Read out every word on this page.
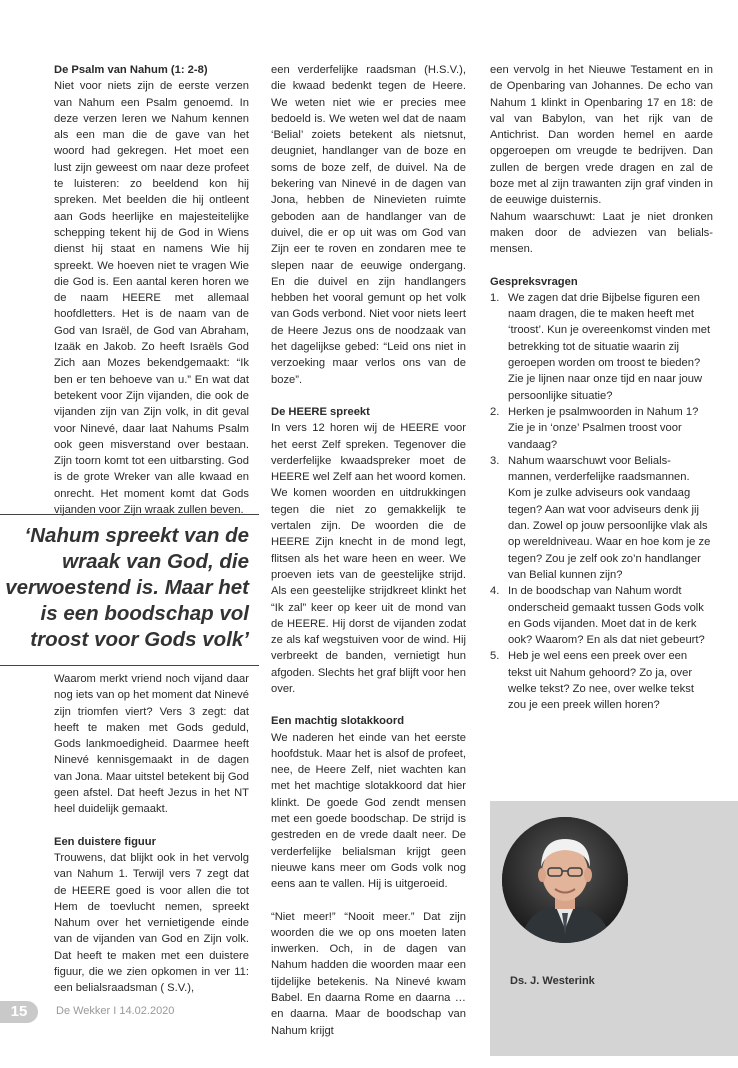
De Psalm van Nahum (1: 2-8)

Niet voor niets zijn de eerste verzen van Nahum een Psalm genoemd. In deze verzen leren we Nahum kennen als een man die de gave van het woord had gekregen. Het moet een lust zijn geweest om naar deze profeet te luisteren: zo beeldend kon hij spreken. Met beelden die hij ontleent aan Gods heerlijke en majesteitelijke schepping tekent hij de God in Wiens dienst hij staat en namens Wie hij spreekt. We hoeven niet te vragen Wie die God is. Een aantal keren horen we de naam HEERE met allemaal hoofdletters. Het is de naam van de God van Israël, de God van Abraham, Izaäk en Jakob. Zo heeft Israëls God Zich aan Mozes bekendgemaakt: “Ik ben er ten behoeve van u.” En wat dat betekent voor Zijn vijanden, die ook de vijanden zijn van Zijn volk, in dit geval voor Ninevé, daar laat Nahums Psalm ook geen misverstand over bestaan. Zijn toorn komt tot een uitbarsting. God is de grote Wreker van alle kwaad en onrecht. Het moment komt dat Gods vijanden voor Zijn wraak zullen beven.

‘Nahum spreekt van de wraak van God, die verwoestend is. Maar het is een boodschap vol troost voor Gods volk’

Waarom merkt vriend noch vijand daar nog iets van op het moment dat Ninevé zijn triomfen viert? Vers 3 zegt: dat heeft te maken met Gods geduld, Gods lankmoedigheid. Daarmee heeft Ninevé kennisgemaakt in de dagen van Jona. Maar uitstel betekent bij God geen afstel. Dat heeft Jezus in het NT heel duidelijk gemaakt.

Een duistere figuur

Trouwens, dat blijkt ook in het vervolg van Nahum 1. Terwijl vers 7 zegt dat de HEERE goed is voor allen die tot Hem de toevlucht nemen, spreekt Nahum over het vernietigende einde van de vijanden van God en Zijn volk. Dat heeft te maken met een duistere figuur, die we zien opkomen in ver 11: een belialsraadsman ( S.V.),

een verderfelijke raadsman (H.S.V.), die kwaad bedenkt tegen de Heere. We weten niet wie er precies mee bedoeld is. We weten wel dat de naam ‘Belial’ zoiets betekent als nietsnut, deugniet, handlanger van de boze en soms de boze zelf, de duivel. Na de bekering van Ninevé in de dagen van Jona, hebben de Ninevieten ruimte geboden aan de handlanger van de duivel, die er op uit was om God van Zijn eer te roven en zondaren mee te slepen naar de eeuwige ondergang. En die duivel en zijn handlangers hebben het vooral gemunt op het volk van Gods verbond. Niet voor niets leert de Heere Jezus ons de noodzaak van het dagelijkse gebed: “Leid ons niet in verzoeking maar verlos ons van de boze”.

De HEERE spreekt

In vers 12 horen wij de HEERE voor het eerst Zelf spreken. Tegenover die verderfelijke kwaadspreker moet de HEERE wel Zelf aan het woord komen. We komen woorden en uitdrukkingen tegen die niet zo gemakkelijk te vertalen zijn. De woorden die de HEERE Zijn knecht in de mond legt, flitsen als het ware heen en weer. We proeven iets van de geestelijke strijd. Als een geestelijke strijdkreet klinkt het “Ik zal” keer op keer uit de mond van de HEERE. Hij dorst de vijanden zodat ze als kaf wegstuiven voor de wind. Hij verbreekt de banden, vernietigt hun afgoden. Slechts het graf blijft voor hen over.

Een machtig slotakkoord

We naderen het einde van het eerste hoofdstuk. Maar het is alsof de profeet, nee, de Heere Zelf, niet wachten kan met het machtige slotakkoord dat hier klinkt. De goede God zendt mensen met een goede boodschap. De strijd is gestreden en de vrede daalt neer. De verderfelijke belialsman krijgt geen nieuwe kans meer om Gods volk nog eens aan te vallen. Hij is uitgeroeid.

“Niet meer!” “Nooit meer.” Dat zijn woorden die we op ons moeten laten inwerken. Och, in de dagen van Nahum hadden die woorden maar een tijdelijke betekenis. Na Ninevé kwam Babel. En daarna Rome en daarna … en daarna. Maar de boodschap van Nahum krijgt

een vervolg in het Nieuwe Testament en in de Openbaring van Johannes. De echo van Nahum 1 klinkt in Openbaring 17 en 18: de val van Babylon, van het rijk van de Antichrist. Dan worden hemel en aarde opgeroepen om vreugde te bedrijven. Dan zullen de bergen vrede dragen en zal de boze met al zijn trawanten zijn graf vinden in de eeuwige duisternis.

Nahum waarschuwt: Laat je niet dronken maken door de adviezen van belials-mensen.

Gespreksvragen
1. We zagen dat drie Bijbelse figuren een naam dragen, die te maken heeft met ‘troost’. Kun je overeenkomst vinden met betrekking tot de situatie waarin zij geroepen worden om troost te bieden? Zie je lijnen naar onze tijd en naar jouw persoonlijke situatie?
2. Herken je psalmwoorden in Nahum 1? Zie je in ‘onze’ Psalmen troost voor vandaag?
3. Nahum waarschuwt voor Belials-mannen, verderfelijke raadsmannen. Kom je zulke adviseurs ook vandaag tegen? Aan wat voor adviseurs denk jij dan. Zowel op jouw persoonlijke vlak als op wereldniveau. Waar en hoe kom je ze tegen? Zou je zelf ook zo’n handlanger van Belial kunnen zijn?
4. In de boodschap van Nahum wordt onderscheid gemaakt tussen Gods volk en Gods vijanden. Moet dat in de kerk ook? Waarom? En als dat niet gebeurt?
5. Heb je wel eens een preek over een tekst uit Nahum gehoord? Zo ja, over welke tekst? Zo nee, over welke tekst zou je een preek willen horen?
Ds. J. Westerink
15	De Wekker I 14.02.2020
